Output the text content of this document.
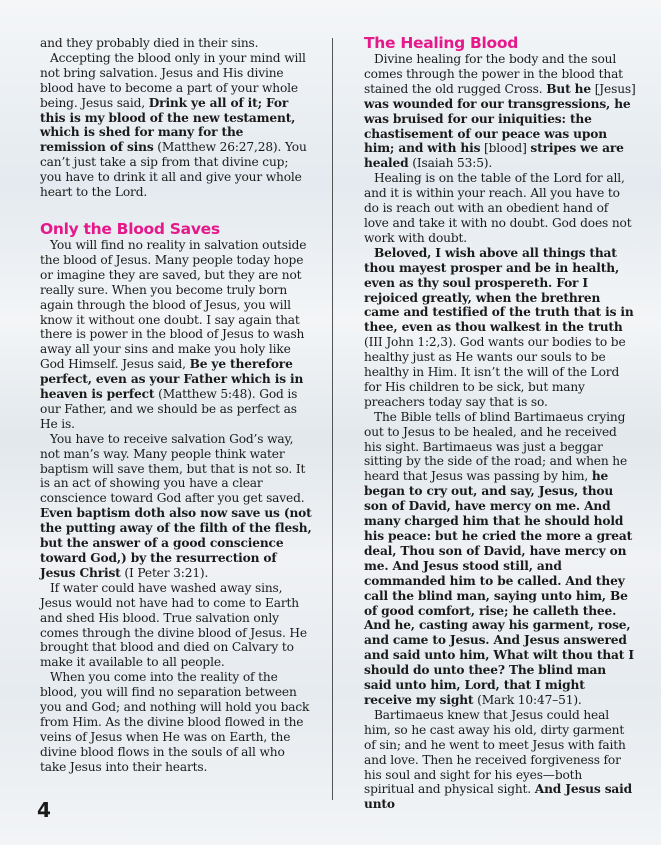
and they probably died in their sins.

Accepting the blood only in your mind will not bring salvation. Jesus and His divine blood have to become a part of your whole being. Jesus said, Drink ye all of it; For this is my blood of the new testament, which is shed for many for the remission of sins (Matthew 26:27,28). You can’t just take a sip from that divine cup; you have to drink it all and give your whole heart to the Lord.

Only the Blood Saves

You will find no reality in salvation outside the blood of Jesus. Many people today hope or imagine they are saved, but they are not really sure. When you become truly born again through the blood of Jesus, you will know it without one doubt. I say again that there is power in the blood of Jesus to wash away all your sins and make you holy like God Himself. Jesus said, Be ye therefore perfect, even as your Father which is in heaven is perfect (Matthew 5:48). God is our Father, and we should be as perfect as He is.

You have to receive salvation God’s way, not man’s way. Many people think water baptism will save them, but that is not so. It is an act of showing you have a clear conscience toward God after you get saved. Even baptism doth also now save us (not the putting away of the filth of the flesh, but the answer of a good conscience toward God,) by the resurrection of Jesus Christ (I Peter 3:21).

If water could have washed away sins, Jesus would not have had to come to Earth and shed His blood. True salvation only comes through the divine blood of Jesus. He brought that blood and died on Calvary to make it available to all people.

When you come into the reality of the blood, you will find no separation between you and God; and nothing will hold you back from Him. As the divine blood flowed in the veins of Jesus when He was on Earth, the divine blood flows in the souls of all who take Jesus into their hearts.

The Healing Blood

Divine healing for the body and the soul comes through the power in the blood that stained the old rugged Cross. But he [Jesus] was wounded for our transgressions, he was bruised for our iniquities: the chastisement of our peace was upon him; and with his [blood] stripes we are healed (Isaiah 53:5).

Healing is on the table of the Lord for all, and it is within your reach. All you have to do is reach out with an obedient hand of love and take it with no doubt. God does not work with doubt.

Beloved, I wish above all things that thou mayest prosper and be in health, even as thy soul prospereth. For I rejoiced greatly, when the brethren came and testified of the truth that is in thee, even as thou walkest in the truth (III John 1:2,3). God wants our bodies to be healthy just as He wants our souls to be healthy in Him. It isn’t the will of the Lord for His children to be sick, but many preachers today say that is so.

The Bible tells of blind Bartimaeus crying out to Jesus to be healed, and he received his sight. Bartimaeus was just a beggar sitting by the side of the road; and when he heard that Jesus was passing by him, he began to cry out, and say, Jesus, thou son of David, have mercy on me. And many charged him that he should hold his peace: but he cried the more a great deal, Thou son of David, have mercy on me. And Jesus stood still, and commanded him to be called. And they call the blind man, saying unto him, Be of good comfort, rise; he calleth thee. And he, casting away his garment, rose, and came to Jesus. And Jesus answered and said unto him, What wilt thou that I should do unto thee? The blind man said unto him, Lord, that I might receive my sight (Mark 10:47–51).

Bartimaeus knew that Jesus could heal him, so he cast away his old, dirty garment of sin; and he went to meet Jesus with faith and love. Then he received forgiveness for his soul and sight for his eyes—both spiritual and physical sight. And Jesus said unto

4
